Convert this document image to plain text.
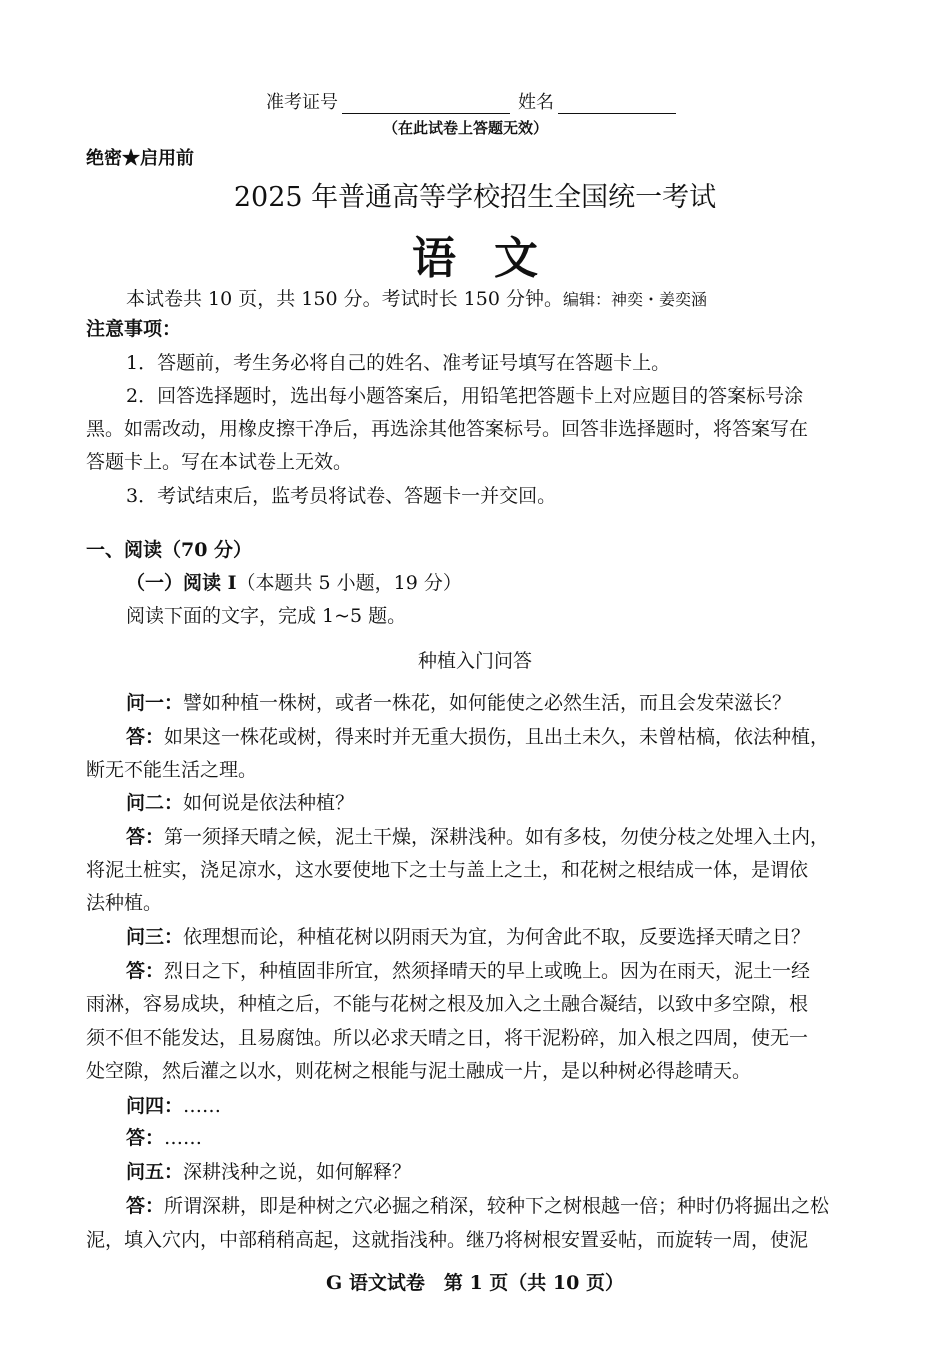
准考证号	姓名
（在此试卷上答题无效）
绝密★启用前
2025 年普通高等学校招生全国统一考试
语文
本试卷共 10 页，共 150 分。考试时长 150 分钟。编辑：神奕・姜奕涵
注意事项：
1．答题前，考生务必将自己的姓名、准考证号填写在答题卡上。
2．回答选择题时，选出每小题答案后，用铅笔把答题卡上对应题目的答案标号涂
黑。如需改动，用橡皮擦干净后，再选涂其他答案标号。回答非选择题时，将答案写在
答题卡上。写在本试卷上无效。
3．考试结束后，监考员将试卷、答题卡一并交回。
一、阅读（70 分）
（一）阅读 I（本题共 5 小题，19 分）
阅读下面的文字，完成 1~5 题。
种植入门问答
问一：譬如种植一株树，或者一株花，如何能使之必然生活，而且会发荣滋长？
答：如果这一株花或树，得来时并无重大损伤，且出土未久，未曾枯槁，依法种植，
断无不能生活之理。
问二：如何说是依法种植？
答：第一须择天晴之候，泥土干燥，深耕浅种。如有多枝，勿使分枝之处埋入土内，
将泥土桩实，浇足凉水，这水要使地下之士与盖上之土，和花树之根结成一体，是谓依
法种植。
问三：依理想而论，种植花树以阴雨天为宜，为何舍此不取，反要选择天晴之日？
答：烈日之下，种植固非所宜，然须择晴天的早上或晚上。因为在雨天，泥土一经
雨淋，容易成块，种植之后，不能与花树之根及加入之土融合凝结，以致中多空隙，根
须不但不能发达，且易腐蚀。所以必求天晴之日，将干泥粉碎，加入根之四周，使无一
处空隙，然后灌之以水，则花树之根能与泥土融成一片，是以种树必得趁晴天。
问四：……
答：……
问五：深耕浅种之说，如何解释？
答：所谓深耕，即是种树之穴必掘之稍深，较种下之树根越一倍；种时仍将掘出之松
泥，填入穴内，中部稍稍高起，这就指浅种。继乃将树根安置妥帖，而旋转一周，使泥
G 语文试卷　第 1 页（共 10 页）
